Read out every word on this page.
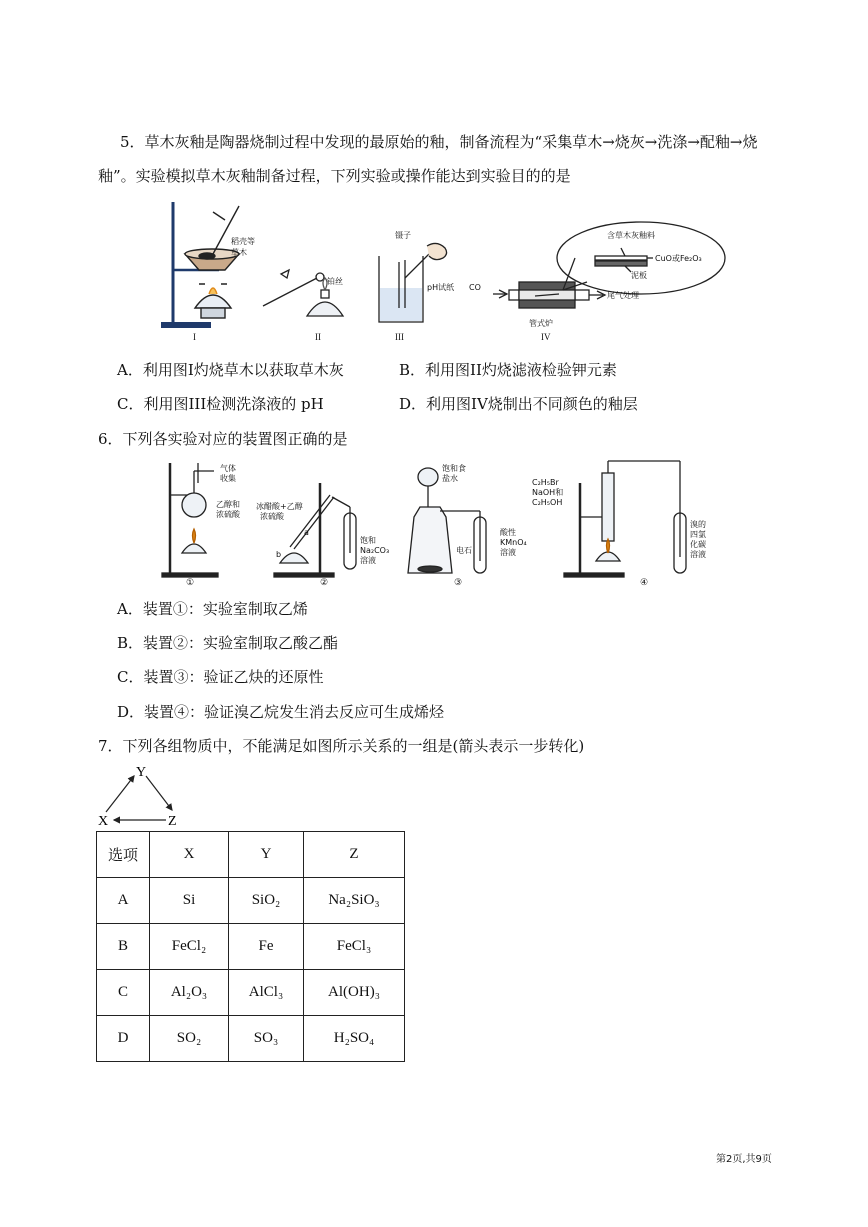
5．草木灰釉是陶器烧制过程中发现的最原始的釉，制备流程为“采集草木→烧灰→洗涤→配釉→烧
釉”。实验模拟草木灰釉制备过程，下列实验或操作能达到实验目的的是
稻壳等
草木
I
铂丝
II
镊子
pH试纸
III
CO
含草木灰釉料
CuO或Fe₂O₃
泥板
尾气处理
管式炉
IV
A．利用图I灼烧草木以获取草木灰	B．利用图II灼烧滤液检验钾元素
C．利用图III检测洗涤液的 pH	D．利用图IV烧制出不同颜色的釉层
6．下列各实验对应的装置图正确的是
气体
收集
乙醇和
浓硫酸
①
冰醋酸+乙醇
浓硫酸
a
b
饱和
Na₂CO₃
溶液
②
饱和食
盐水
电石
酸性
KMnO₄
溶液
③
C₂H₅Br
NaOH和
C₂H₅OH
溴的
四氯
化碳
溶液
④
A．装置①：实验室制取乙烯
B．装置②：实验室制取乙酸乙酯
C．装置③：验证乙炔的还原性
D．装置④：验证溴乙烷发生消去反应可生成烯烃
7．下列各组物质中，不能满足如图所示关系的一组是(箭头表示一步转化)
Y
X	Z
选项	X	Y	Z
A	Si	SiO₂	Na₂SiO₃
B	FeCl₂	Fe	FeCl₃
C	Al₂O₃	AlCl₃	Al(OH)₃
D	SO₂	SO₃	H₂SO₄
第2页,共9页
